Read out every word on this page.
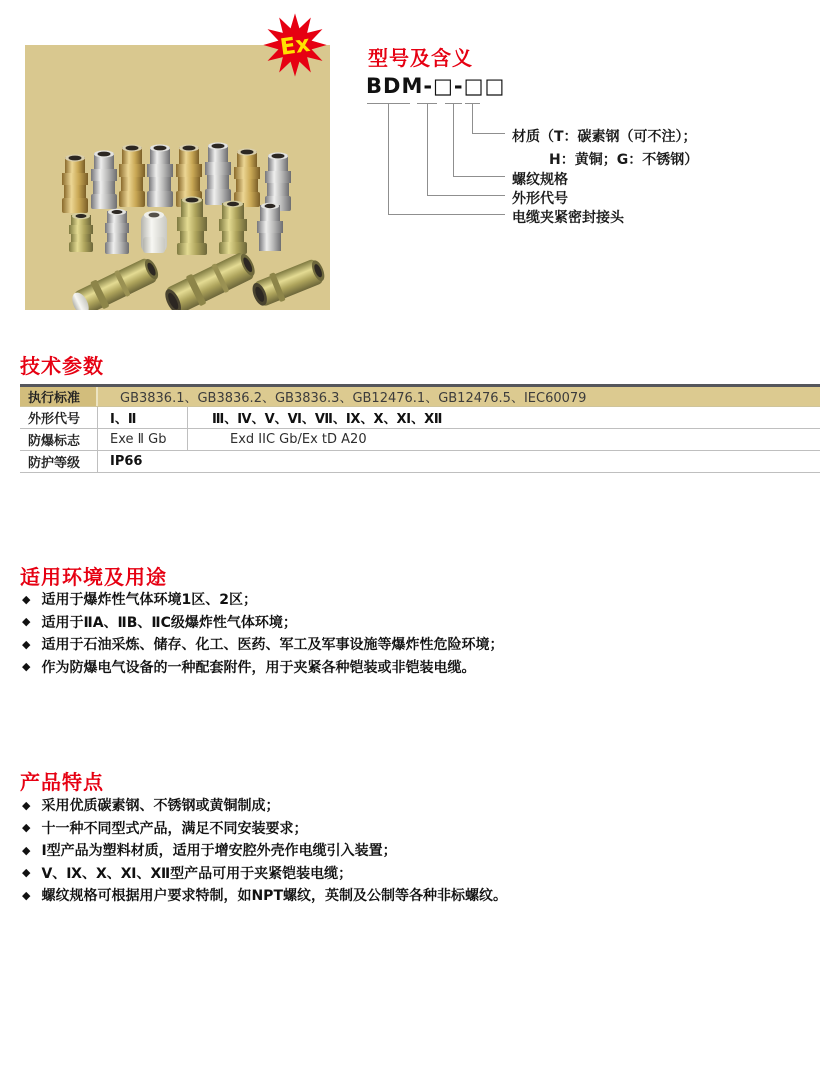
Ex	型号及含义
BDM-□-□□
材质（T：碳素钢（可不注）；
H：黄铜；G：不锈钢）
螺纹规格
外形代号
电缆夹紧密封接头
技术参数
执行标准	GB3836.1、GB3836.2、GB3836.3、GB12476.1、GB12476.5、IEC60079
外形代号	Ⅰ、Ⅱ	Ⅲ、Ⅳ、Ⅴ、Ⅵ、Ⅶ、Ⅸ、Ⅹ、Ⅺ、Ⅻ
防爆标志	Exe Ⅱ Gb	Exd IIC Gb/Ex tD A20
防护等级	IP66
适用环境及用途
◆ 适用于爆炸性气体环境1区、2区；
◆ 适用于ⅡA、ⅡB、ⅡC级爆炸性气体环境；
◆ 适用于石油采炼、储存、化工、医药、军工及军事设施等爆炸性危险环境；
◆ 作为防爆电气设备的一种配套附件，用于夹紧各种铠装或非铠装电缆。
产品特点
◆ 采用优质碳素钢、不锈钢或黄铜制成；
◆ 十一种不同型式产品，满足不同安装要求；
◆ Ⅰ型产品为塑料材质，适用于增安腔外壳作电缆引入装置；
◆ Ⅴ、Ⅸ、Ⅹ、Ⅺ、Ⅻ型产品可用于夹紧铠装电缆；
◆ 螺纹规格可根据用户要求特制，如NPT螺纹，英制及公制等各种非标螺纹。
